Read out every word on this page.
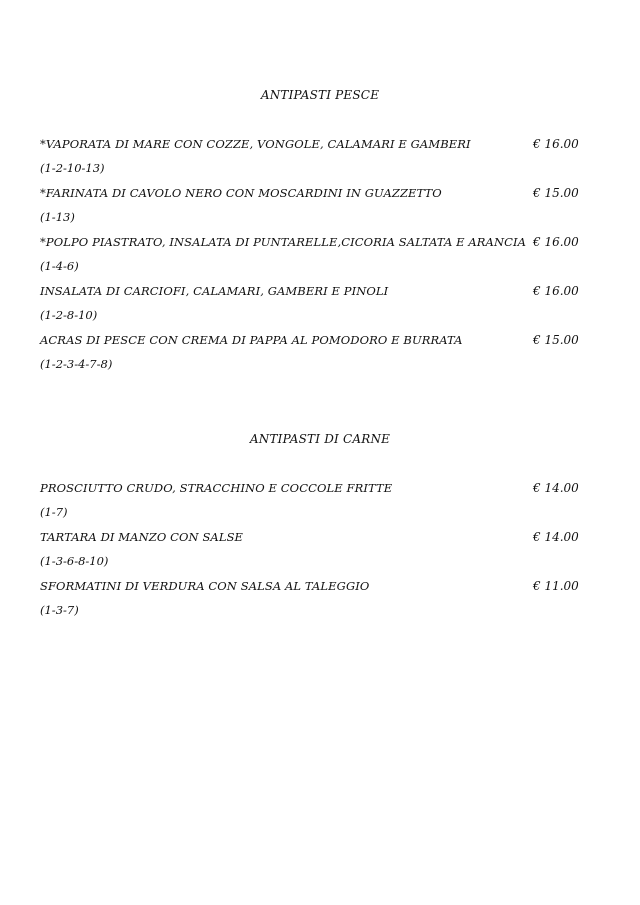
ANTIPASTI PESCE
*VAPORATA DI MARE CON COZZE, VONGOLE, CALAMARI E GAMBERI	€ 16.00
(1-2-10-13)
*FARINATA DI CAVOLO NERO CON MOSCARDINI IN GUAZZETTO	€ 15.00
(1-13)
*POLPO PIASTRATO, INSALATA DI PUNTARELLE,CICORIA SALTATA E ARANCIA € 16.00
(1-4-6)
INSALATA DI CARCIOFI, CALAMARI, GAMBERI E PINOLI	€ 16.00
(1-2-8-10)
ACRAS DI PESCE CON CREMA DI PAPPA AL POMODORO E BURRATA	€ 15.00
(1-2-3-4-7-8)
ANTIPASTI DI CARNE
PROSCIUTTO CRUDO, STRACCHINO E COCCOLE FRITTE	€ 14.00
(1-7)
TARTARA DI MANZO CON SALSE	€ 14.00
(1-3-6-8-10)
SFORMATINI DI VERDURA CON SALSA AL TALEGGIO	€ 11.00
(1-3-7)
